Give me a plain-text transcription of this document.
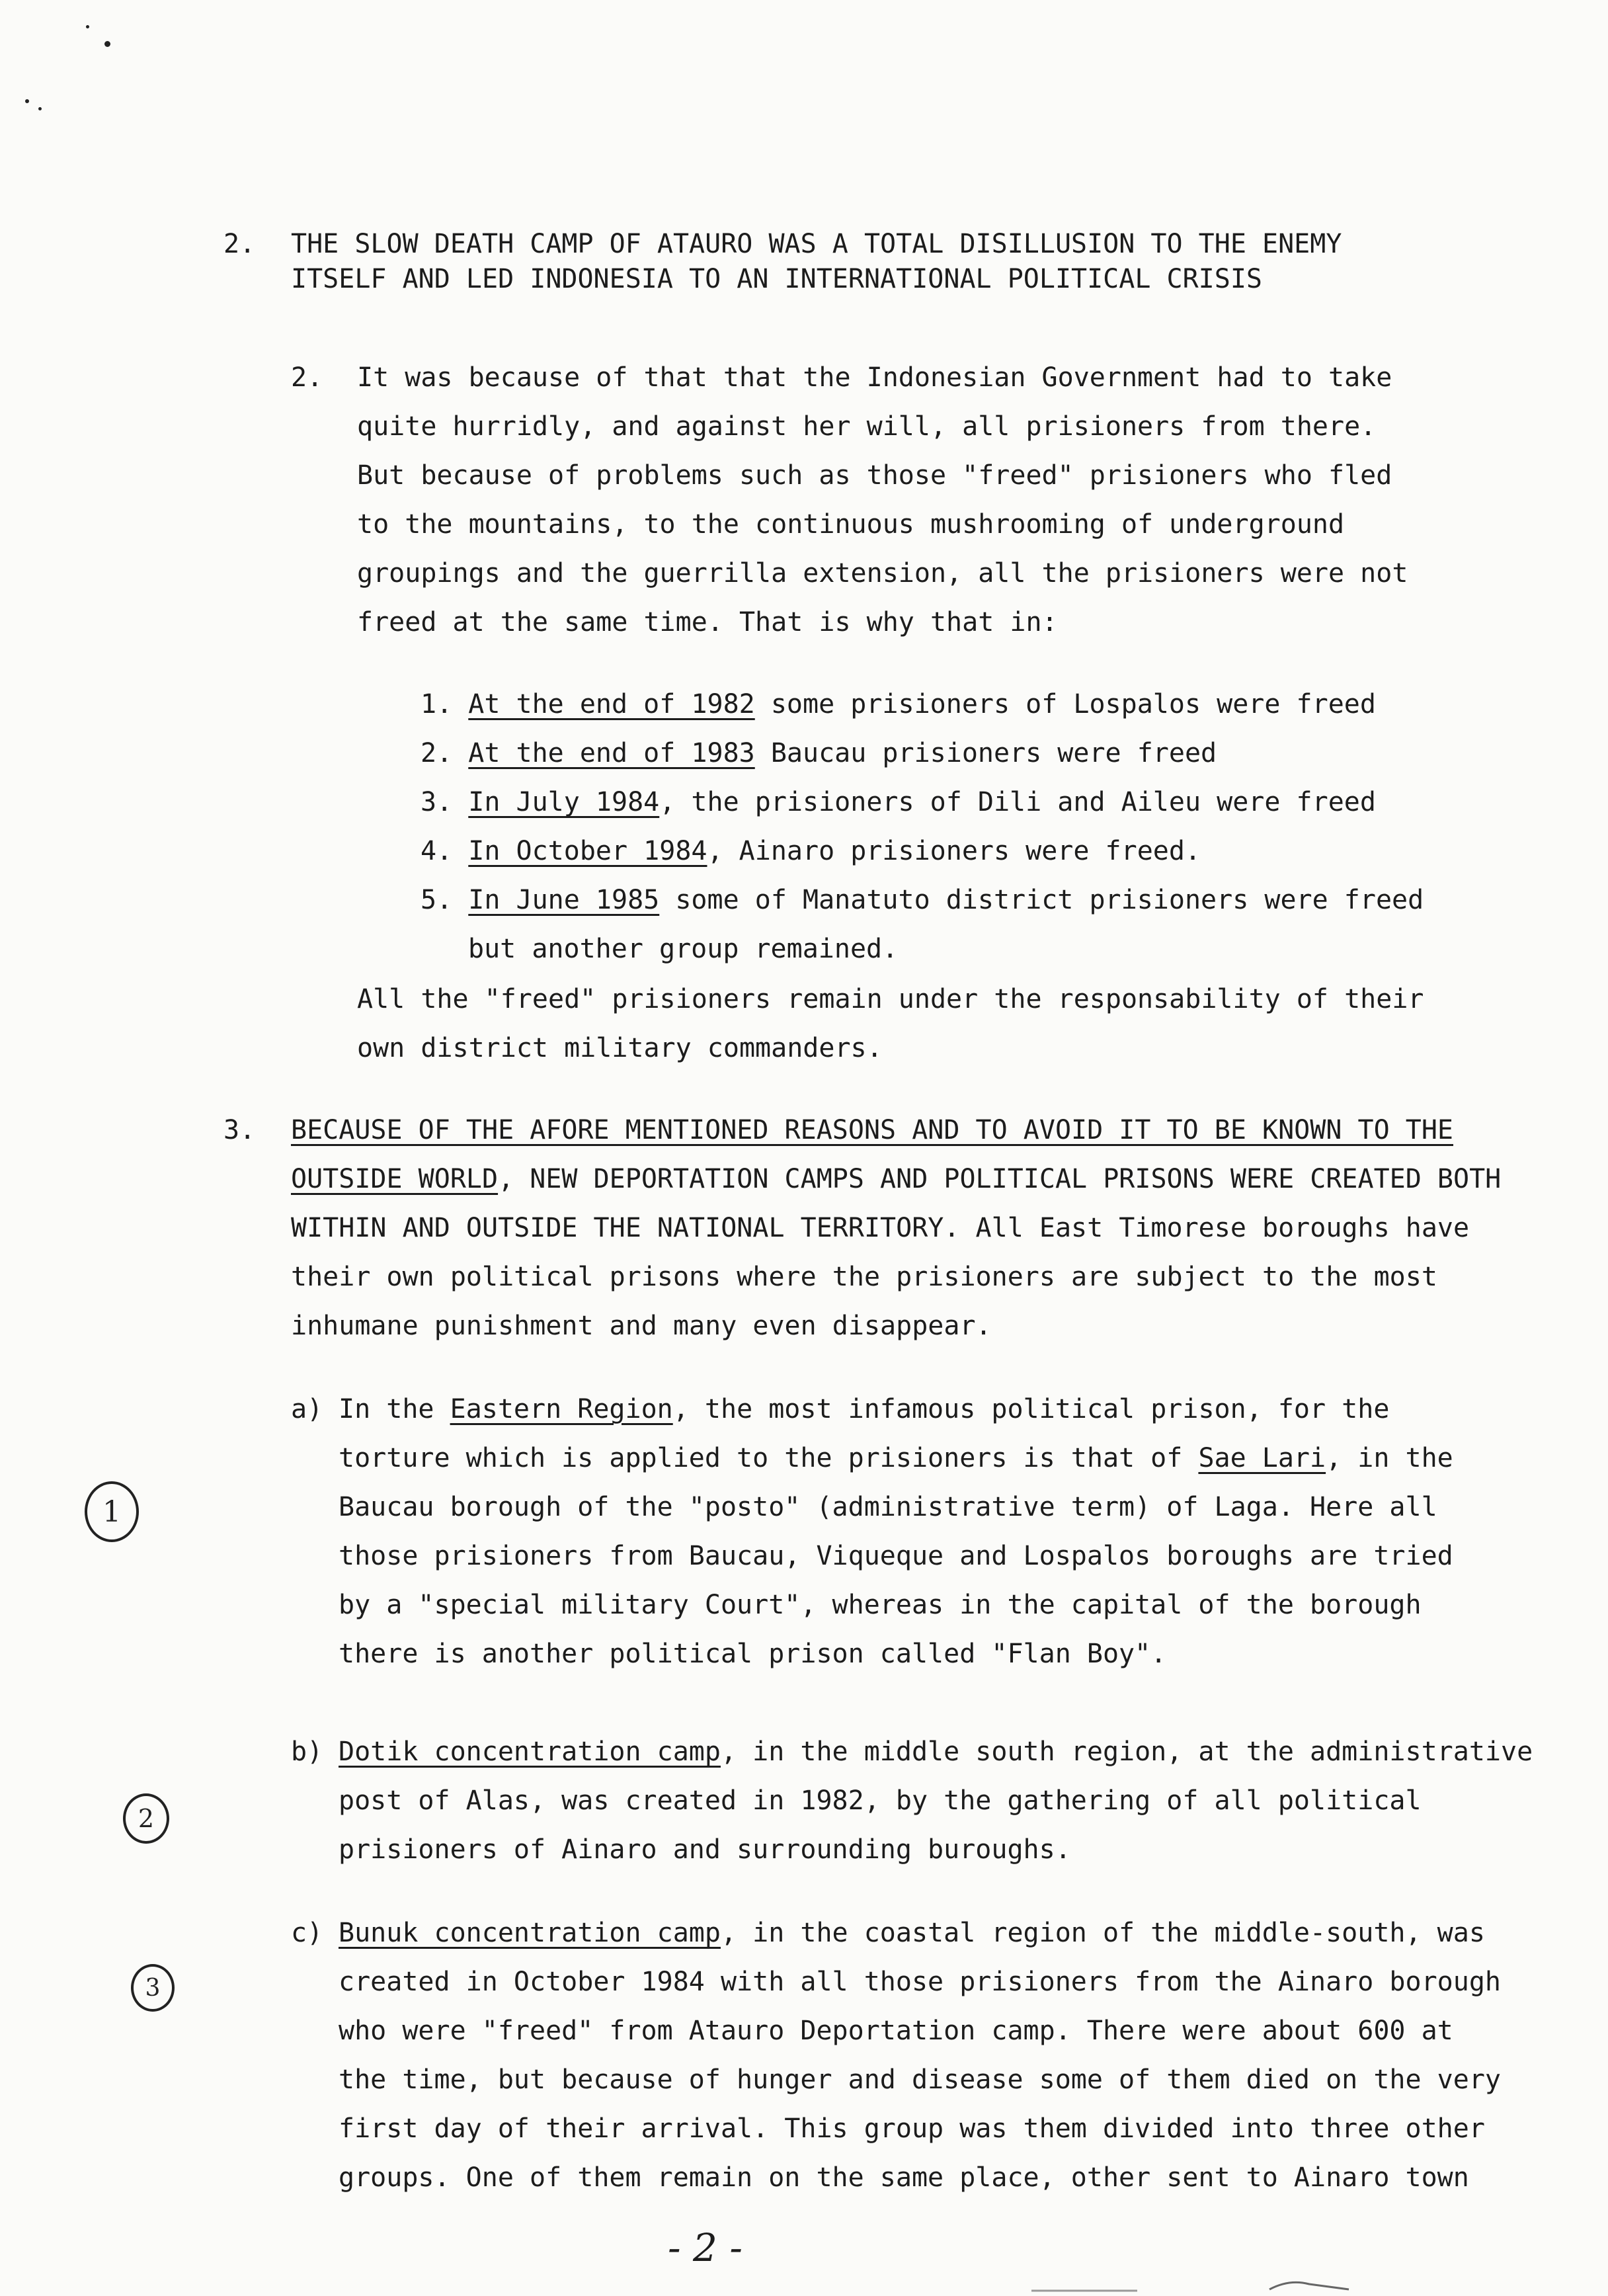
2. THE SLOW DEATH CAMP OF ATAURO WAS A TOTAL DISILLUSION TO THE ENEMY
ITSELF AND LED INDONESIA TO AN INTERNATIONAL POLITICAL CRISIS
2. It was because of that that the Indonesian Government had to take
quite hurridly, and against her will, all prisioners from there.
But because of problems such as those "freed" prisioners who fled
to the mountains, to the continuous mushrooming of underground
groupings and the guerrilla extension, all the prisioners were not
freed at the same time. That is why that in:
1. At the end of 1982 some prisioners of Lospalos were freed
2. At the end of 1983 Baucau prisioners were freed
3. In July 1984, the prisioners of Dili and Aileu were freed
4. In October 1984, Ainaro prisioners were freed.
5. In June 1985 some of Manatuto district prisioners were freed
but another group remained.
All the "freed" prisioners remain under the responsability of their
own district military commanders.
3. BECAUSE OF THE AFORE MENTIONED REASONS AND TO AVOID IT TO BE KNOWN TO THE
OUTSIDE WORLD, NEW DEPORTATION CAMPS AND POLITICAL PRISONS WERE CREATED BOTH
WITHIN AND OUTSIDE THE NATIONAL TERRITORY. All East Timorese boroughs have
their own political prisons where the prisioners are subject to the most
inhumane punishment and many even disappear.
a) In the Eastern Region, the most infamous political prison, for the
torture which is applied to the prisioners is that of Sae Lari, in the
Baucau borough of the "posto" (administrative term) of Laga. Here all
those prisioners from Baucau, Viqueque and Lospalos boroughs are tried
by a "special military Court", whereas in the capital of the borough
there is another political prison called "Flan Boy".
b) Dotik concentration camp, in the middle south region, at the administrative
post of Alas, was created in 1982, by the gathering of all political
prisioners of Ainaro and surrounding buroughs.
c) Bunuk concentration camp, in the coastal region of the middle-south, was
created in October 1984 with all those prisioners from the Ainaro borough
who were "freed" from Atauro Deportation camp. There were about 600 at
the time, but because of hunger and disease some of them died on the very
first day of their arrival. This group was them divided into three other
groups. One of them remain on the same place, other sent to Ainaro town
1
2
3
- 2 -
